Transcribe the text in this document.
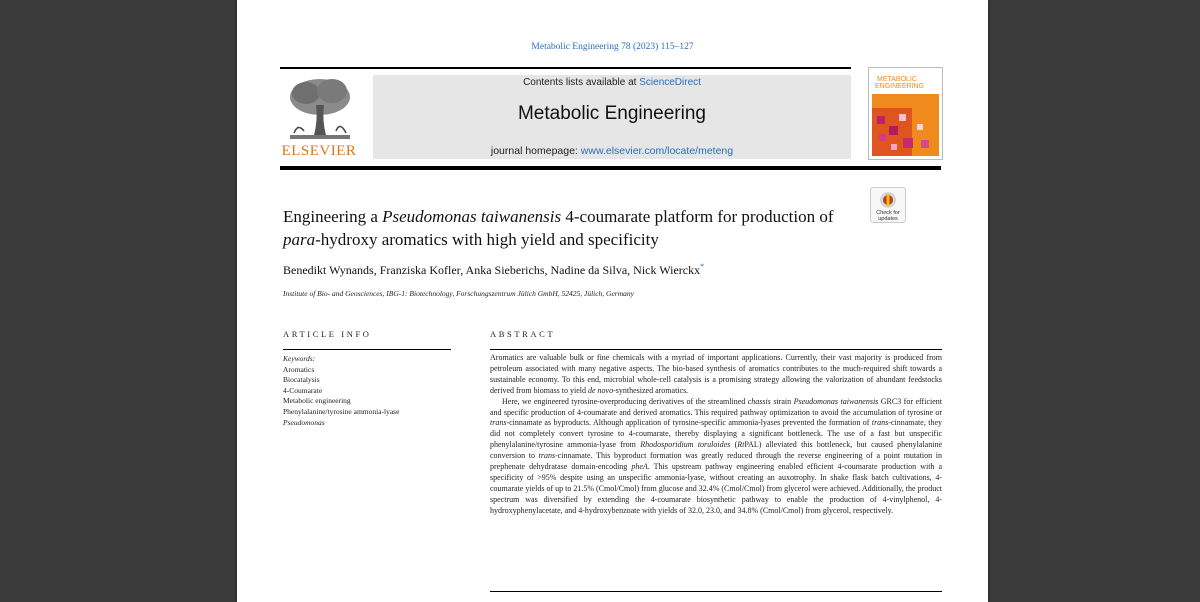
Metabolic Engineering 78 (2023) 115–127
ELSEVIER
Contents lists available at ScienceDirect
Metabolic Engineering
journal homepage: www.elsevier.com/locate/meteng
METABOLIC
ENGINEERING
Check for
updates
Engineering a Pseudomonas taiwanensis 4-coumarate platform for production of para-hydroxy aromatics with high yield and specificity
Benedikt Wynands, Franziska Kofler, Anka Sieberichs, Nadine da Silva, Nick Wierckx*
Institute of Bio- and Geosciences, IBG-1: Biotechnology, Forschungszentrum Jülich GmbH, 52425, Jülich, Germany
ARTICLE INFO	ABSTRACT
Keywords:
Aromatics
Biocatalysis
4-Coumarate
Metabolic engineering
Phenylalanine/tyrosine ammonia-lyase
Pseudomonas

Aromatics are valuable bulk or fine chemicals with a myriad of important applications. Currently, their vast majority is produced from petroleum associated with many negative aspects. The bio-based synthesis of aromatics contributes to the much-required shift towards a sustainable economy. To this end, microbial whole-cell catalysis is a promising strategy allowing the valorization of abundant feedstocks derived from biomass to yield de novo-synthesized aromatics.

Here, we engineered tyrosine-overproducing derivatives of the streamlined chassis strain Pseudomonas taiwanensis GRC3 for efficient and specific production of 4-coumarate and derived aromatics. This required pathway optimization to avoid the accumulation of tyrosine or trans-cinnamate as byproducts. Although application of tyrosine-specific ammonia-lyases prevented the formation of trans-cinnamate, they did not completely convert tyrosine to 4-coumarate, thereby displaying a significant bottleneck. The use of a fast but unspecific phenylalanine/tyrosine ammonia-lyase from Rhodosporidium toruloides (RtPAL) alleviated this bottleneck, but caused phenylalanine conversion to trans-cinnamate. This byproduct formation was greatly reduced through the reverse engineering of a point mutation in prephenate dehydratase domain-encoding pheA. This upstream pathway engineering enabled efficient 4-coumarate production with a specificity of >95% despite using an unspecific ammonia-lyase, without creating an auxotrophy. In shake flask batch cultivations, 4-coumarate yields of up to 21.5% (Cmol/Cmol) from glucose and 32.4% (Cmol/Cmol) from glycerol were achieved. Additionally, the product spectrum was diversified by extending the 4-coumarate biosynthetic pathway to enable the production of 4-vinylphenol, 4-hydroxyphenylacetate, and 4-hydroxybenzoate with yields of 32.0, 23.0, and 34.8% (Cmol/Cmol) from glycerol, respectively.
